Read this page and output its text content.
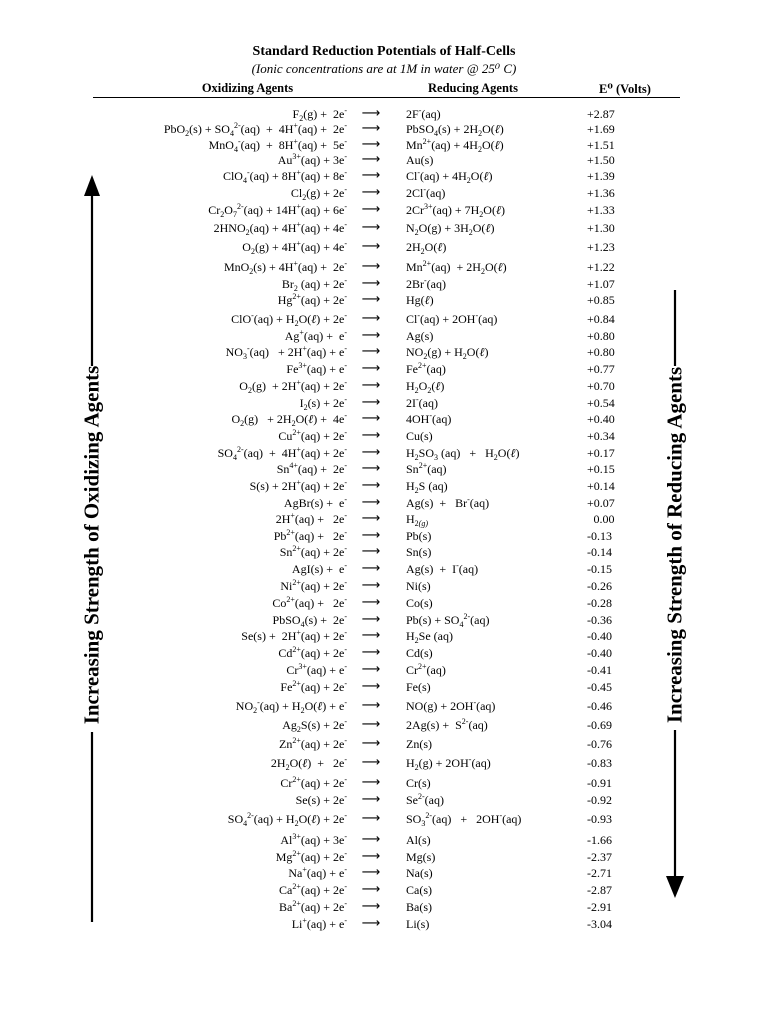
Standard Reduction Potentials of Half-Cells
(Ionic concentrations are at 1M in water @ 25⁰ C)
Oxidizing Agents	Reducing Agents	E⁰ (Volts)
$F_2(g) + 2e^-$ ⟶ 2F-(aq)	+2.87
$PbO_2(s) + SO_4^{2-}(aq) + 4H^+(aq) + 2e^-$ ⟶ PbSO$_4$(s) + $2H_2O(\ell)$	+1.69
MnO$_4$-(aq)  +  8H+(aq) +  5e- ⟶ $Mn^{2+}(aq)$ + $4H_2O(\ell)$	+1.51
$Au^{3+}(aq) + 3e^-$ ⟶ Au(s)	+1.50
ClO$_4$-(aq) + 8H+(aq) + 8e- ⟶ $Cl^-(aq) + 4H_2O(\ell)$	+1.39
$Cl_2(g) + 2e^-$ ⟶ 2Cl-(aq)	+1.36
$Cr_2O_7^{2-}(aq) + 14H^+(aq) + 6e^-$ ⟶ $2Cr^{3+}(aq)$ + $7H_2O(\ell)$	+1.33
$2HNO_2(aq) + 4H^+(aq) + 4e^-$ ⟶ $N_2O(g)$ + $3H_2O(\ell)$	+1.30
$O_2(g) + 4H^+(aq) + 4e^-$ ⟶ $2H_2O(\ell)$	+1.23
MnO$_2$(s) + 4H+(aq) +  2e- ⟶ $Mn^{2+}(aq)$  + $2H_2O(\ell)$	+1.22
$Br_2$ (aq) + 2e- ⟶ 2Br-(aq)	+1.07
$Hg^{2+}(aq) + 2e^-$ ⟶ Hg(ℓ)	+0.85
$ClO^-(aq) + H_2O(\ell) + 2e^-$ ⟶ Cl-(aq) + 2OH-(aq)	+0.84
Ag+(aq) +  e- ⟶ Ag(s)	+0.80
$NO_3^-(aq) + 2H^+(aq) + e^-$ ⟶ $NO_2(g)$ + $H_2O(\ell)$	+0.80
$Fe^{3+}(aq) + e^-$ ⟶ $Fe^{2+}(aq)$	+0.77
$O_2(g) + 2H^+(aq) + 2e^-$ ⟶ $H_2O_2(\ell)$	+0.70
$I_2(s) + 2e^-$ ⟶ 2I-(aq)	+0.54
$O_2(g)$   + $2H_2O(\ell) + 4e^-$ ⟶ 4OH-(aq)	+0.40
$Cu^{2+}(aq) + 2e^-$ ⟶ Cu(s)	+0.34
$SO_4^{2-}(aq) + 4H^+(aq) + 2e^-$ ⟶ $H_2SO_3$ $(aq) + H_2O(\ell)$	+0.17
$Sn^{4+}(aq) + 2e^-$ ⟶ $Sn^{2+}(aq)$	+0.15
S(s) + 2H+(aq) + 2e- ⟶ $H_2S$ (aq)	+0.14
AgBr(s) +  e- ⟶ Ag(s)  +   Br-(aq)	+0.07
2H+(aq) +   2e- ⟶ $H_{2(g)}$	0.00
$Pb^{2+}(aq) + 2e^-$ ⟶ Pb(s)	-0.13
$Sn^{2+}(aq) + 2e^-$ ⟶ Sn(s)	-0.14
AgI(s) +  e- ⟶ Ag(s)  +  I-(aq)	-0.15
$Ni^{2+}(aq) + 2e^-$ ⟶ Ni(s)	-0.26
$Co^{2+}(aq) + 2e^-$ ⟶ Co(s)	-0.28
PbSO$_4$(s) +  2e- ⟶ $Pb(s) + SO_4^{2-}(aq)$	-0.36
Se(s) +  2H+(aq) + 2e- ⟶ $H_2Se$ (aq)	-0.40
$Cd^{2+}(aq) + 2e^-$ ⟶ Cd(s)	-0.40
$Cr^{3+}(aq) + e^-$ ⟶ $Cr^{2+}(aq)$	-0.41
$Fe^{2+}(aq) + 2e^-$ ⟶ Fe(s)	-0.45
$NO_2^-(aq)$ + $H_2O(\ell) + e^-$ ⟶ NO(g) + 2OH-(aq)	-0.46
$Ag_2S(s) + 2e^-$ ⟶ $2Ag(s) + S^{2-}(aq)$	-0.69
$Zn^{2+}(aq) + 2e^-$ ⟶ Zn(s)	-0.76
$2H_2O(\ell) + 2e^-$ ⟶ $H_2(g) + 2OH^-(aq)$	-0.83
$Cr^{2+}(aq) + 2e^-$ ⟶ Cr(s)	-0.91
Se(s) + 2e- ⟶ $Se^{2-}(aq)$	-0.92
$SO_4^{2-}(aq)$ + $H_2O(\ell) + 2e^-$ ⟶ $SO_3^{2-}(aq) + 2OH^-(aq)$	-0.93
$Al^{3+}(aq) + 3e^-$ ⟶ Al(s)	-1.66
$Mg^{2+}(aq) + 2e^-$ ⟶ Mg(s)	-2.37
Na+(aq) + e- ⟶ Na(s)	-2.71
$Ca^{2+}(aq) + 2e^-$ ⟶ Ca(s)	-2.87
$Ba^{2+}(aq) + 2e^-$ ⟶ Ba(s)	-2.91
Li+(aq) + e- ⟶ Li(s)	-3.04
Increasing Strength of Oxidizing Agents	Increasing Strength of Reducing Agents
